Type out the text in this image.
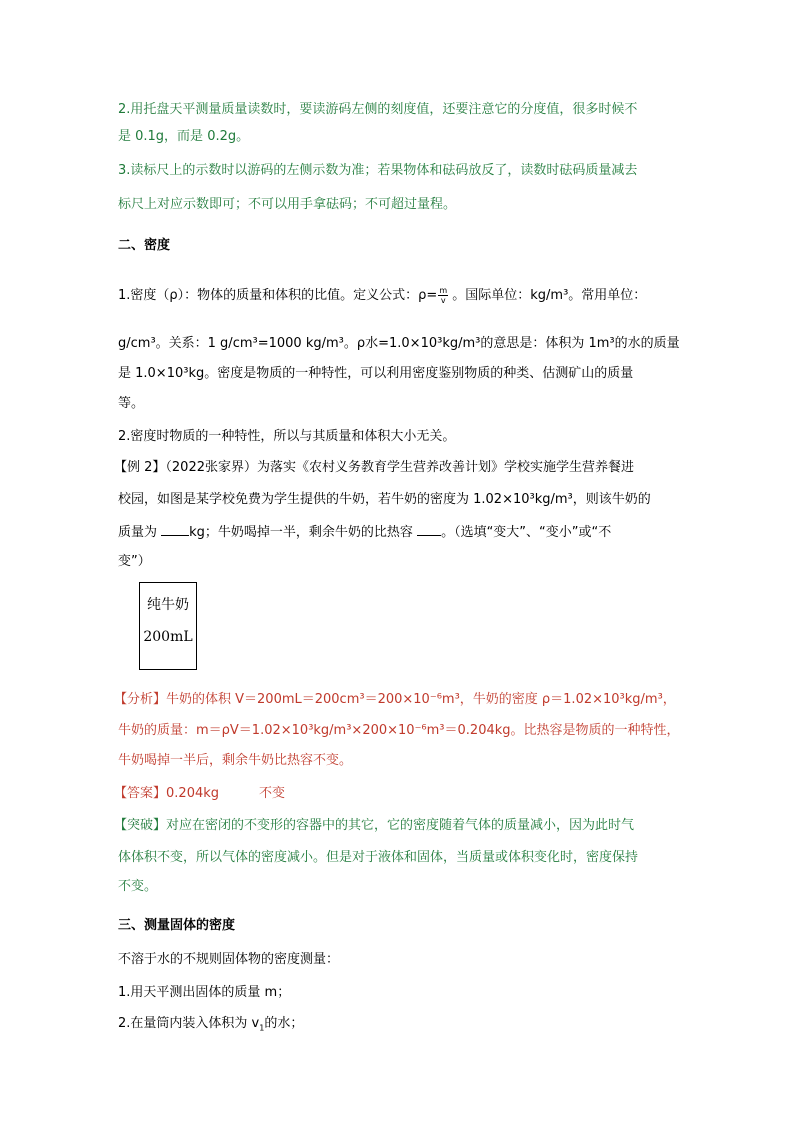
2.用托盘天平测量质量读数时，要读游码左侧的刻度值，还要注意它的分度值，很多时候不
是 0.1g，而是 0.2g。
3.读标尺上的示数时以游码的左侧示数为准；若果物体和砝码放反了，读数时砝码质量减去
标尺上对应示数即可；不可以用手拿砝码；不可超过量程。
二、密度
1.密度（ρ）：物体的质量和体积的比值。定义公式：$\rho= \frac{m}{v}$ 。国际单位：kg/m³。常用单位：
g/cm³。关系：1 g/cm³=1000 kg/m³。ρ水=1.0×10³kg/m³的意思是：体积为 1m³的水的质量
是 1.0×10³kg。密度是物质的一种特性，可以利用密度鉴别物质的种类、估测矿山的质量
等。
2.密度时物质的一种特性，所以与其质量和体积大小无关。
【例 2】（2022张家界）为落实《农村义务教育学生营养改善计划》学校实施学生营养餐进
校园，如图是某学校免费为学生提供的牛奶，若牛奶的密度为 1.02×10³kg/m³，则该牛奶的
质量为 kg；牛奶喝掉一半，剩余牛奶的比热容 。（选填“变大”、“变小”或“不
变”）
【分析】牛奶的体积 V＝200mL＝200cm³＝200×10⁻⁶m³，牛奶的密度 ρ＝1.02×10³kg/m³，
牛奶的质量：m＝ρV＝1.02×10³kg/m³×200×10⁻⁶m³＝0.204kg。比热容是物质的一种特性，
牛奶喝掉一半后，剩余牛奶比热容不变。
【答案】0.204kg	不变
【突破】对应在密闭的不变形的容器中的其它，它的密度随着气体的质量减小，因为此时气
体体积不变，所以气体的密度减小。但是对于液体和固体，当质量或体积变化时，密度保持
不变。
三、测量固体的密度
不溶于水的不规则固体物的密度测量：
1.用天平测出固体的质量 m；
2.在量筒内装入体积为 $v_1$的水；
纯牛奶
200mL
